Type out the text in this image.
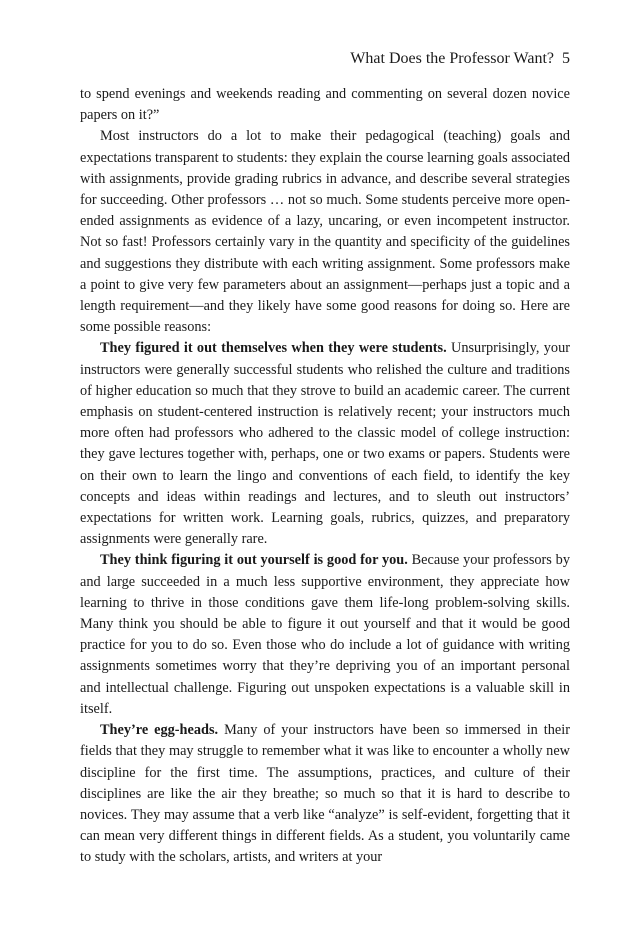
What Does the Professor Want? 5

to spend evenings and weekends reading and commenting on several dozen novice papers on it?”

Most instructors do a lot to make their pedagogical (teaching) goals and expectations transparent to students: they explain the course learning goals associated with assignments, provide grading rubrics in advance, and describe several strategies for succeeding. Other professors … not so much. Some students perceive more open-ended assignments as evidence of a lazy, uncaring, or even incompetent instructor. Not so fast! Professors certainly vary in the quantity and specificity of the guidelines and suggestions they distribute with each writing assignment. Some professors make a point to give very few parameters about an assignment—perhaps just a topic and a length requirement—and they likely have some good reasons for doing so. Here are some possible reasons:

They figured it out themselves when they were students. Unsurprisingly, your instructors were generally successful students who relished the culture and traditions of higher education so much that they strove to build an academic career. The current emphasis on student-centered instruction is relatively recent; your instructors much more often had professors who adhered to the classic model of college instruction: they gave lectures together with, perhaps, one or two exams or papers. Students were on their own to learn the lingo and conventions of each field, to identify the key concepts and ideas within readings and lectures, and to sleuth out instructors’ expectations for written work. Learning goals, rubrics, quizzes, and preparatory assignments were generally rare.

They think figuring it out yourself is good for you. Because your professors by and large succeeded in a much less supportive environment, they appreciate how learning to thrive in those conditions gave them life-long problem-solving skills. Many think you should be able to figure it out yourself and that it would be good practice for you to do so. Even those who do include a lot of guidance with writing assignments sometimes worry that they’re depriving you of an important personal and intellectual challenge. Figuring out unspoken expectations is a valuable skill in itself.

They’re egg-heads. Many of your instructors have been so immersed in their fields that they may struggle to remember what it was like to encounter a wholly new discipline for the first time. The assumptions, practices, and culture of their disciplines are like the air they breathe; so much so that it is hard to describe to novices. They may assume that a verb like “analyze” is self-evident, forgetting that it can mean very different things in different fields. As a student, you voluntarily came to study with the scholars, artists, and writers at your
